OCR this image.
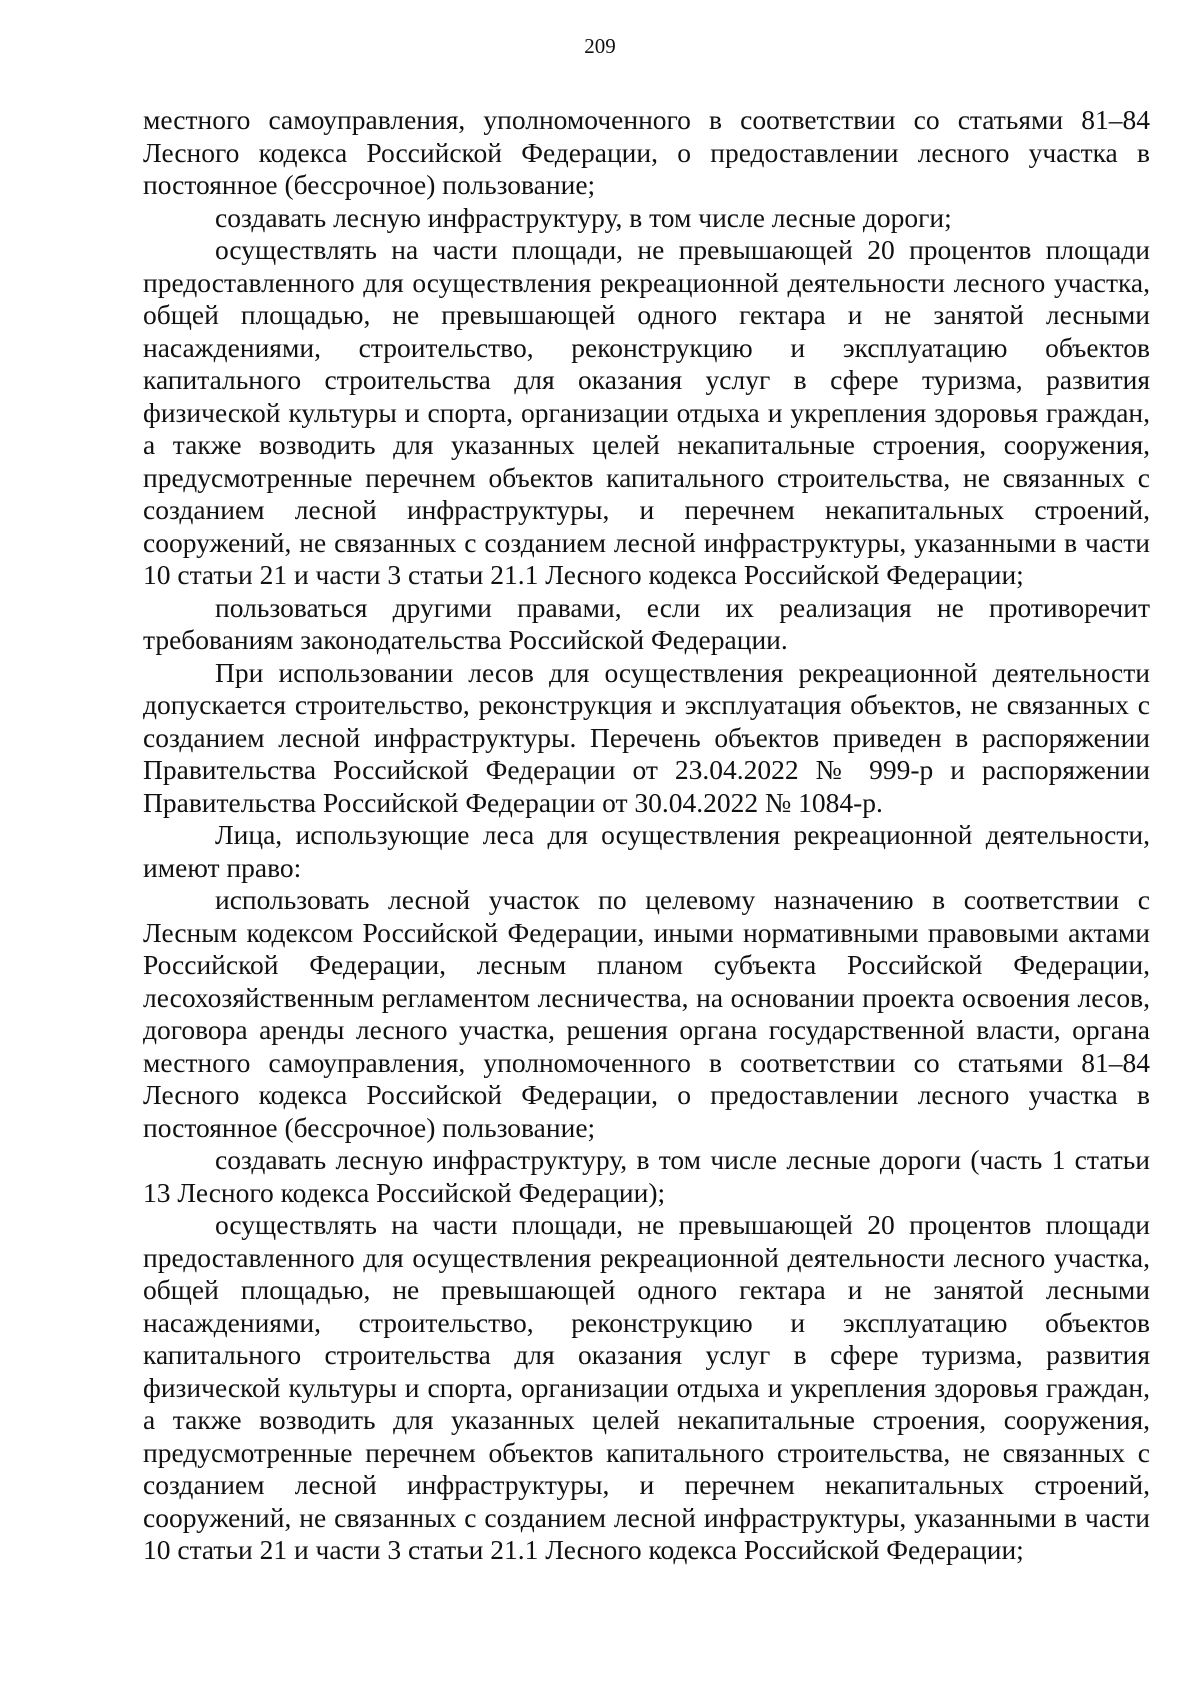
209

местного самоуправления, уполномоченного в соответствии со статьями 81–84 Лесного кодекса Российской Федерации, о предоставлении лесного участка в постоянное (бессрочное) пользование;

создавать лесную инфраструктуру, в том числе лесные дороги;

осуществлять на части площади, не превышающей 20 процентов площади предоставленного для осуществления рекреационной деятельности лесного участка, общей площадью, не превышающей одного гектара и не занятой лесными насаждениями, строительство, реконструкцию и эксплуатацию объектов капитального строительства для оказания услуг в сфере туризма, развития физической культуры и спорта, организации отдыха и укрепления здоровья граждан, а также возводить для указанных целей некапитальные строения, сооружения, предусмотренные перечнем объектов капитального строительства, не связанных с созданием лесной инфраструктуры, и перечнем некапитальных строений, сооружений, не связанных с созданием лесной инфраструктуры, указанными в части 10 статьи 21 и части 3 статьи 21.1 Лесного кодекса Российской Федерации;

пользоваться другими правами, если их реализация не противоречит требованиям законодательства Российской Федерации.

При использовании лесов для осуществления рекреационной деятельности допускается строительство, реконструкция и эксплуатация объектов, не связанных с созданием лесной инфраструктуры. Перечень объектов приведен в распоряжении Правительства Российской Федерации от 23.04.2022 № 999-р и распоряжении Правительства Российской Федерации от 30.04.2022 № 1084-р.

Лица, использующие леса для осуществления рекреационной деятельности, имеют право:

использовать лесной участок по целевому назначению в соответствии с Лесным кодексом Российской Федерации, иными нормативными правовыми актами Российской Федерации, лесным планом субъекта Российской Федерации, лесохозяйственным регламентом лесничества, на основании проекта освоения лесов, договора аренды лесного участка, решения органа государственной власти, органа местного самоуправления, уполномоченного в соответствии со статьями 81–84 Лесного кодекса Российской Федерации, о предоставлении лесного участка в постоянное (бессрочное) пользование;

создавать лесную инфраструктуру, в том числе лесные дороги (часть 1 статьи 13 Лесного кодекса Российской Федерации);

осуществлять на части площади, не превышающей 20 процентов площади предоставленного для осуществления рекреационной деятельности лесного участка, общей площадью, не превышающей одного гектара и не занятой лесными насаждениями, строительство, реконструкцию и эксплуатацию объектов капитального строительства для оказания услуг в сфере туризма, развития физической культуры и спорта, организации отдыха и укрепления здоровья граждан, а также возводить для указанных целей некапитальные строения, сооружения, предусмотренные перечнем объектов капитального строительства, не связанных с созданием лесной инфраструктуры, и перечнем некапитальных строений, сооружений, не связанных с созданием лесной инфраструктуры, указанными в части 10 статьи 21 и части 3 статьи 21.1 Лесного кодекса Российской Федерации;
